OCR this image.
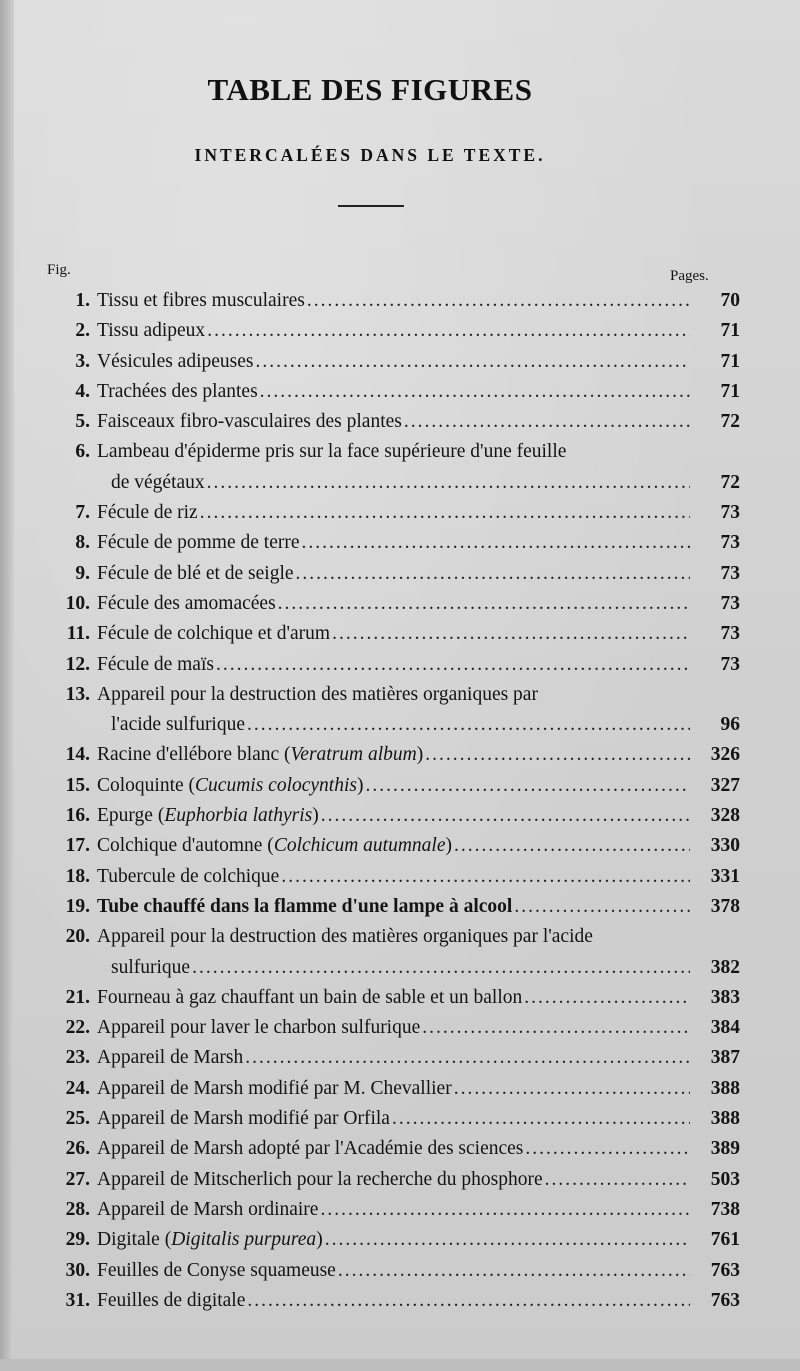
TABLE DES FIGURES
INTERCALÉES DANS LE TEXTE.
Fig.	Pages.
1. Tissu et fibres musculaires .....	70
2. Tissu adipeux .....	71
3. Vésicules adipeuses .....	71
4. Trachées des plantes .....	71
5. Faisceaux fibro-vasculaires des plantes .....	72
6. Lambeau d'épiderme pris sur la face supérieure d'une feuille
de végétaux .....	72
7. Fécule de riz .....	73
8. Fécule de pomme de terre .....	73
9. Fécule de blé et de seigle .....	73
10. Fécule des amomacées .....	73
11. Fécule de colchique et d'arum .....	73
12. Fécule de maïs .....	73
13. Appareil pour la destruction des matières organiques par
l'acide sulfurique .....	96
14. Racine d'ellébore blanc (Veratrum album) .....	326
15. Coloquinte (Cucumis colocynthis) .....	327
16. Epurge (Euphorbia lathyris) .....	328
17. Colchique d'automne (Colchicum autumnale) .....	330
18. Tubercule de colchique .....	331
19. Tube chauffé dans la flamme d'une lampe à alcool .....	378
20. Appareil pour la destruction des matières organiques par l'acide
sulfurique .....	382
21. Fourneau à gaz chauffant un bain de sable et un ballon .....	383
22. Appareil pour laver le charbon sulfurique .....	384
23. Appareil de Marsh .....	387
24. Appareil de Marsh modifié par M. Chevallier .....	388
25. Appareil de Marsh modifié par Orfila .....	388
26. Appareil de Marsh adopté par l'Académie des sciences .....	389
27. Appareil de Mitscherlich pour la recherche du phosphore .....	503
28. Appareil de Marsh ordinaire .....	738
29. Digitale (Digitalis purpurea) .....	761
30. Feuilles de Conyse squameuse .....	763
31. Feuilles de digitale .....	763
